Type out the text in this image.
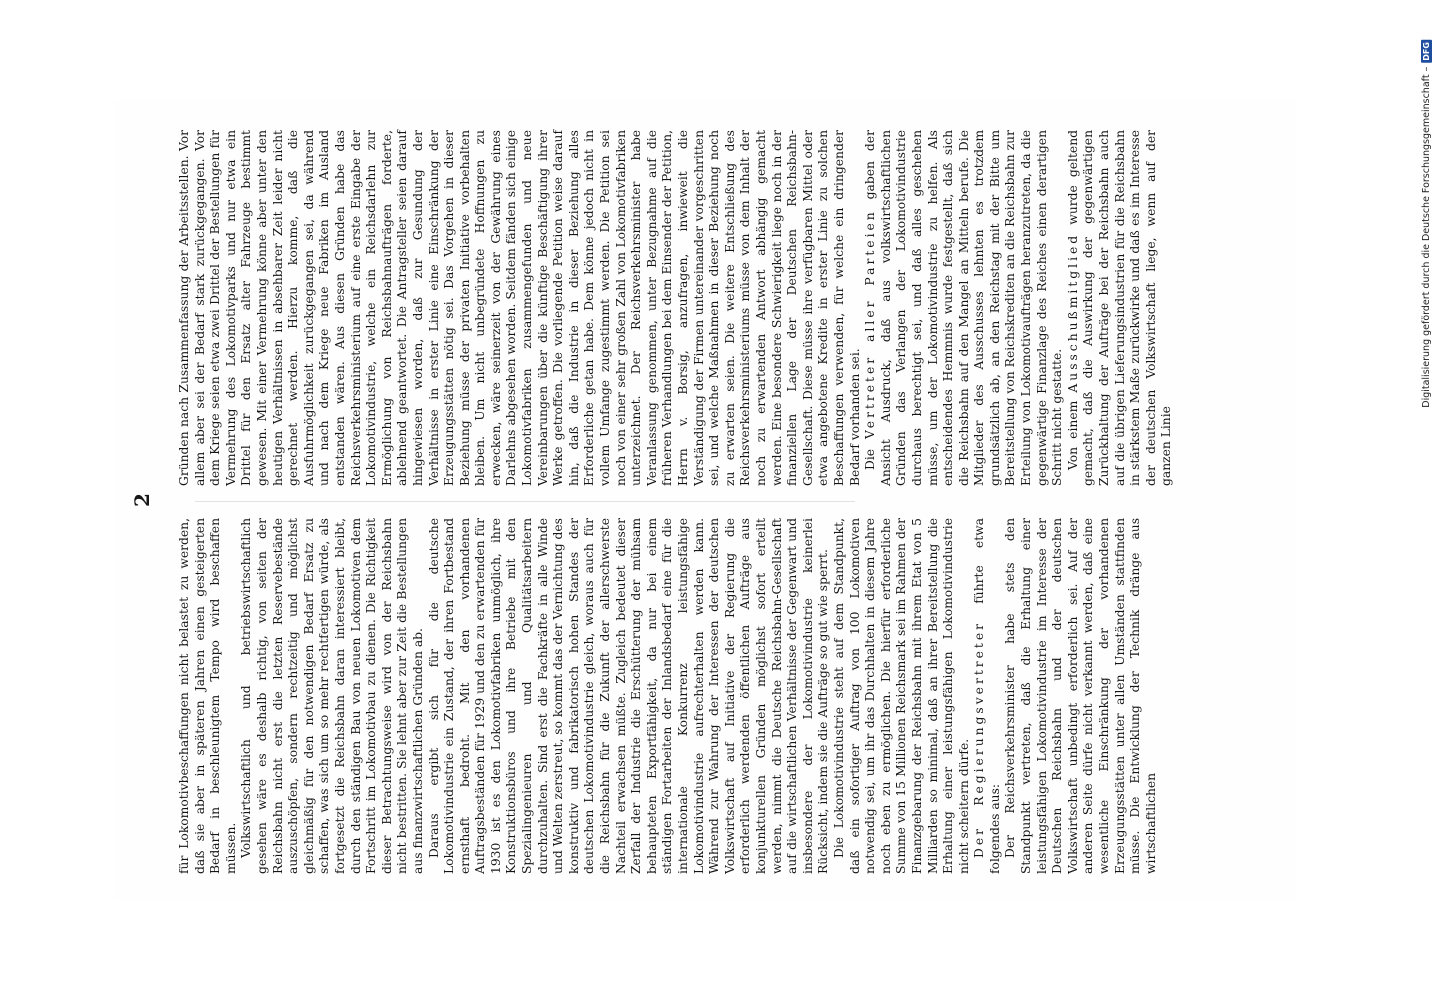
2

für Lokomotivbeschaffungen nicht belastet zu werden, daß sie aber in späteren Jahren einen gesteigerten Bedarf in beschleunigtem Tempo wird beschaffen müssen. Volkswirtschaftlich und betriebswirtschaftlich gesehen wäre es deshalb richtig, von seiten der Reichsbahn nicht erst die letzten Reservebestände auszuschöpfen, sondern rechtzeitig und möglichst gleichmäßig für den notwendigen Bedarf Ersatz zu schaffen, was sich um so mehr rechtfertigen würde, als fortgesetzt die Reichsbahn daran interessiert bleibt, durch den ständigen Bau von neuen Lokomotiven dem Fortschritt im Lokomotivbau zu dienen. Die Richtigkeit dieser Betrachtungsweise wird von der Reichsbahn nicht bestritten. Sie lehnt aber zur Zeit die Bestellungen aus finanzwirtschaftlichen Gründen ab. Daraus ergibt sich für die deutsche Lokomotivindustrie ein Zustand, der ihren Fortbestand ernsthaft bedroht. Mit den vorhandenen Auftragsbeständen für 1929 und den zu erwartenden für 1930 ist es den Lokomotivfabriken unmöglich, ihre Konstruktionsbüros und ihre Betriebe mit den Spezialingenieuren und Qualitätsarbeitern durchzuhalten. Sind erst die Fachkräfte in alle Winde und Welten zerstreut, so kommt das der Vernichtung des konstruktiv und fabrikatorisch hohen Standes der deutschen Lokomotivindustrie gleich, woraus auch für die Reichsbahn für die Zukunft der allerschwerste Nachteil erwachsen müßte. Zugleich bedeutet dieser Zerfall der Industrie die Erschütterung der mühsam behaupteten Exportfähigkeit, da nur bei einem ständigen Fortarbeiten der Inlandsbedarf eine für die internationale Konkurrenz leistungsfähige Lokomotivindustrie aufrechterhalten werden kann. Während zur Wahrung der Interessen der deutschen Volkswirtschaft auf Initiative der Regierung die erforderlich werdenden öffentlichen Aufträge aus konjunkturellen Gründen möglichst sofort erteilt werden, nimmt die Deutsche Reichsbahn-Gesellschaft auf die wirtschaftlichen Verhältnisse der Gegenwart und insbesondere der Lokomotivindustrie keinerlei Rücksicht, indem sie die Aufträge so gut wie sperrt. Die Lokomotivindustrie steht auf dem Standpunkt, daß ein sofortiger Auftrag von 100 Lokomotiven notwendig sei, um ihr das Durchhalten in diesem Jahre noch eben zu ermöglichen. Die hierfür erforderliche Summe von 15 Millionen Reichsmark sei im Rahmen der Finanzgebarung der Reichsbahn mit ihrem Etat von 5 Milliarden so minimal, daß an ihrer Bereitstellung die Erhaltung einer leistungsfähigen Lokomotivindustrie nicht scheitern dürfe. Der Regierungsvertreter führte etwa folgendes aus: Der Reichsverkehrsminister habe stets den Standpunkt vertreten, daß die Erhaltung einer leistungsfähigen Lokomotivindustrie im Interesse der Deutschen Reichsbahn und der deutschen Volkswirtschaft unbedingt erforderlich sei. Auf der anderen Seite dürfe nicht verkannt werden, daß eine wesentliche Einschränkung der vorhandenen Erzeugungsstätten unter allen Umständen stattfinden müsse. Die Entwicklung der Technik dränge aus wirtschaftlichen

Gründen nach Zusammenfassung der Arbeitsstellen. Vor allem aber sei der Bedarf stark zurückgegangen. Vor dem Kriege seien etwa zwei Drittel der Bestellungen für Vermehrung des Lokomotivparks und nur etwa ein Drittel für den Ersatz alter Fahrzeuge bestimmt gewesen. Mit einer Vermehrung könne aber unter den heutigen Verhältnissen in absehbarer Zeit leider nicht gerechnet werden. Hierzu komme, daß die Ausfuhrmöglichkeit zurückgegangen sei, da während und nach dem Kriege neue Fabriken im Ausland entstanden wären. Aus diesen Gründen habe das Reichsverkehrsministerium auf eine erste Eingabe der Lokomotivindustrie, welche ein Reichsdarlehn zur Ermöglichung von Reichsbahnaufträgen forderte, ablehnend geantwortet. Die Antragsteller seien darauf hingewiesen worden, daß zur Gesundung der Verhältnisse in erster Linie eine Einschränkung der Erzeugungsstätten nötig sei. Das Vorgehen in dieser Beziehung müsse der privaten Initiative vorbehalten bleiben. Um nicht unbegründete Hoffnungen zu erwecken, wäre seinerzeit von der Gewährung eines Darlehns abgesehen worden. Seitdem fänden sich einige Lokomotivfabriken zusammengefunden und neue Vereinbarungen über die künftige Beschäftigung ihrer Werke getroffen. Die vorliegende Petition weise darauf hin, daß die Industrie in dieser Beziehung alles Erforderliche getan habe. Dem könne jedoch nicht in vollem Umfange zugestimmt werden. Die Petition sei noch von einer sehr großen Zahl von Lokomotivfabriken unterzeichnet. Der Reichsverkehrsminister habe Veranlassung genommen, unter Bezugnahme auf die früheren Verhandlungen bei dem Einsender der Petition, Herrn v. Borsig, anzufragen, inwieweit die Verständigung der Firmen untereinander vorgeschritten sei, und welche Maßnahmen in dieser Beziehung noch zu erwarten seien. Die weitere Entschließung des Reichsverkehrsministeriums müsse von dem Inhalt der noch zu erwartenden Antwort abhängig gemacht werden. Eine besondere Schwierigkeit liege noch in der finanziellen Lage der Deutschen Reichsbahn-Gesellschaft. Diese müsse ihre verfügbaren Mittel oder etwa angebotene Kredite in erster Linie zu solchen Beschaffungen verwenden, für welche ein dringender Bedarf vorhanden sei. Die Vertreter aller Parteien gaben der Ansicht Ausdruck, daß aus volkswirtschaftlichen Gründen das Verlangen der Lokomotivindustrie durchaus berechtigt sei, und daß alles geschehen müsse, um der Lokomotivindustrie zu helfen. Als entscheidendes Hemmnis wurde festgestellt, daß sich die Reichsbahn auf den Mangel an Mitteln berufe. Die Mitglieder des Ausschusses lehnten es trotzdem grundsätzlich ab, an den Reichstag mit der Bitte um Bereitstellung von Reichskrediten an die Reichsbahn zur Erteilung von Lokomotivaufträgen heranzutreten, da die gegenwärtige Finanzlage des Reiches einen derartigen Schritt nicht gestatte. Von einem Ausschußmitglied wurde geltend gemacht, daß die Auswirkung der gegenwärtigen Zurückhaltung der Aufträge bei der Reichsbahn auch auf die übrigen Lieferungsindustrien für die Reichsbahn in stärkstem Maße zurückwirke und daß es im Interesse der deutschen Volkswirtschaft liege, wenn auf der ganzen Linie

Digitalisierung gefördert durch die Deutsche Forschungsgemeinschaft –
DFG
